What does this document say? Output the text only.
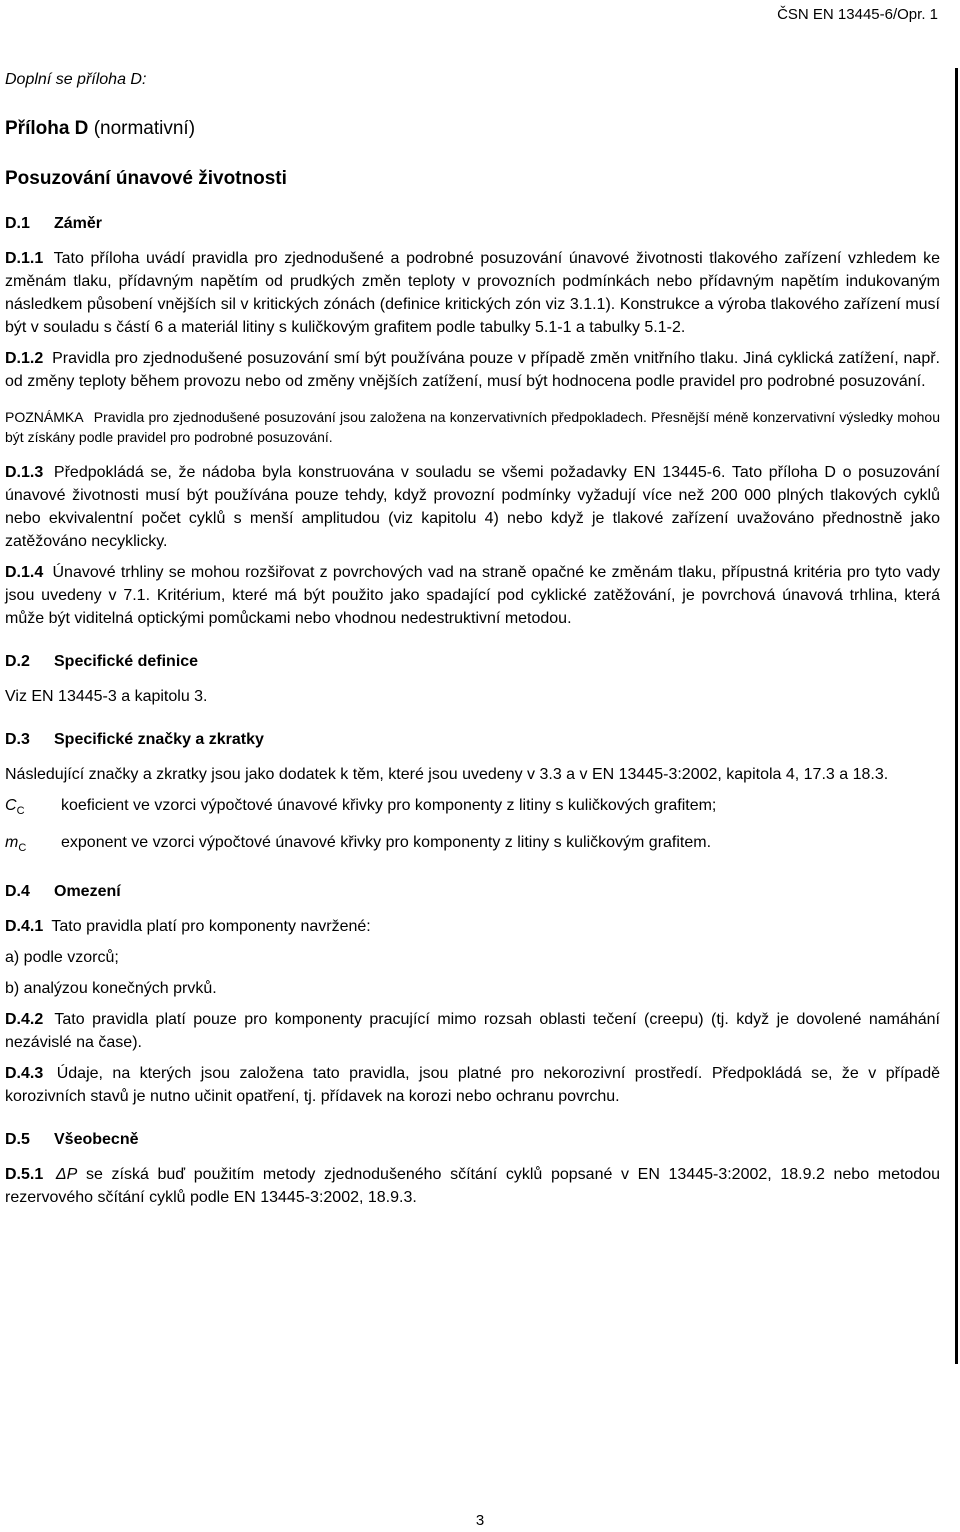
ČSN EN 13445-6/Opr. 1

Doplní se příloha D:

Příloha D (normativní)

Posuzování únavové životnosti

D.1 Záměr

D.1.1 Tato příloha uvádí pravidla pro zjednodušené a podrobné posuzování únavové životnosti tlakového zařízení vzhledem ke změnám tlaku, přídavným napětím od prudkých změn teploty v provozních podmínkách nebo přídavným napětím indukovaným následkem působení vnějších sil v kritických zónách (definice kritických zón viz 3.1.1). Konstrukce a výroba tlakového zařízení musí být v souladu s částí 6 a materiál litiny s kuličkovým grafitem podle tabulky 5.1-1 a tabulky 5.1-2.

D.1.2 Pravidla pro zjednodušené posuzování smí být používána pouze v případě změn vnitřního tlaku. Jiná cyklická zatížení, např. od změny teploty během provozu nebo od změny vnějších zatížení, musí být hodnocena podle pravidel pro podrobné posuzování.

POZNÁMKA Pravidla pro zjednodušené posuzování jsou založena na konzervativních předpokladech. Přesnější méně konzervativní výsledky mohou být získány podle pravidel pro podrobné posuzování.

D.1.3 Předpokládá se, že nádoba byla konstruována v souladu se všemi požadavky EN 13445-6. Tato příloha D o posuzování únavové životnosti musí být používána pouze tehdy, když provozní podmínky vyžadují více než 200 000 plných tlakových cyklů nebo ekvivalentní počet cyklů s menší amplitudou (viz kapitolu 4) nebo když je tlakové zařízení uvažováno přednostně jako zatěžováno necyklicky.

D.1.4 Únavové trhliny se mohou rozšiřovat z povrchových vad na straně opačné ke změnám tlaku, přípustná kritéria pro tyto vady jsou uvedeny v 7.1. Kritérium, které má být použito jako spadající pod cyklické zatěžování, je povrchová únavová trhlina, která může být viditelná optickými pomůckami nebo vhodnou nedestruktivní metodou.

D.2 Specifické definice

Viz EN 13445-3 a kapitolu 3.

D.3 Specifické značky a zkratky

Následující značky a zkratky jsou jako dodatek k těm, které jsou uvedeny v 3.3 a v EN 13445-3:2002, kapitola 4, 17.3 a 18.3.

$C_C$	koeficient ve vzorci výpočtové únavové křivky pro komponenty z litiny s kuličkových grafitem;
$m_C$	exponent ve vzorci výpočtové únavové křivky pro komponenty z litiny s kuličkovým grafitem.

D.4 Omezení

D.4.1 Tato pravidla platí pro komponenty navržené:

a) podle vzorců;

b) analýzou konečných prvků.

D.4.2 Tato pravidla platí pouze pro komponenty pracující mimo rozsah oblasti tečení (creepu) (tj. když je dovolené namáhání nezávislé na čase).

D.4.3 Údaje, na kterých jsou založena tato pravidla, jsou platné pro nekorozivní prostředí. Předpokládá se, že v případě korozivních stavů je nutno učinit opatření, tj. přídavek na korozi nebo ochranu povrchu.

D.5 Všeobecně

D.5.1 ΔP se získá buď použitím metody zjednodušeného sčítání cyklů popsané v EN 13445-3:2002, 18.9.2 nebo metodou rezervového sčítání cyklů podle EN 13445-3:2002, 18.9.3.

3
